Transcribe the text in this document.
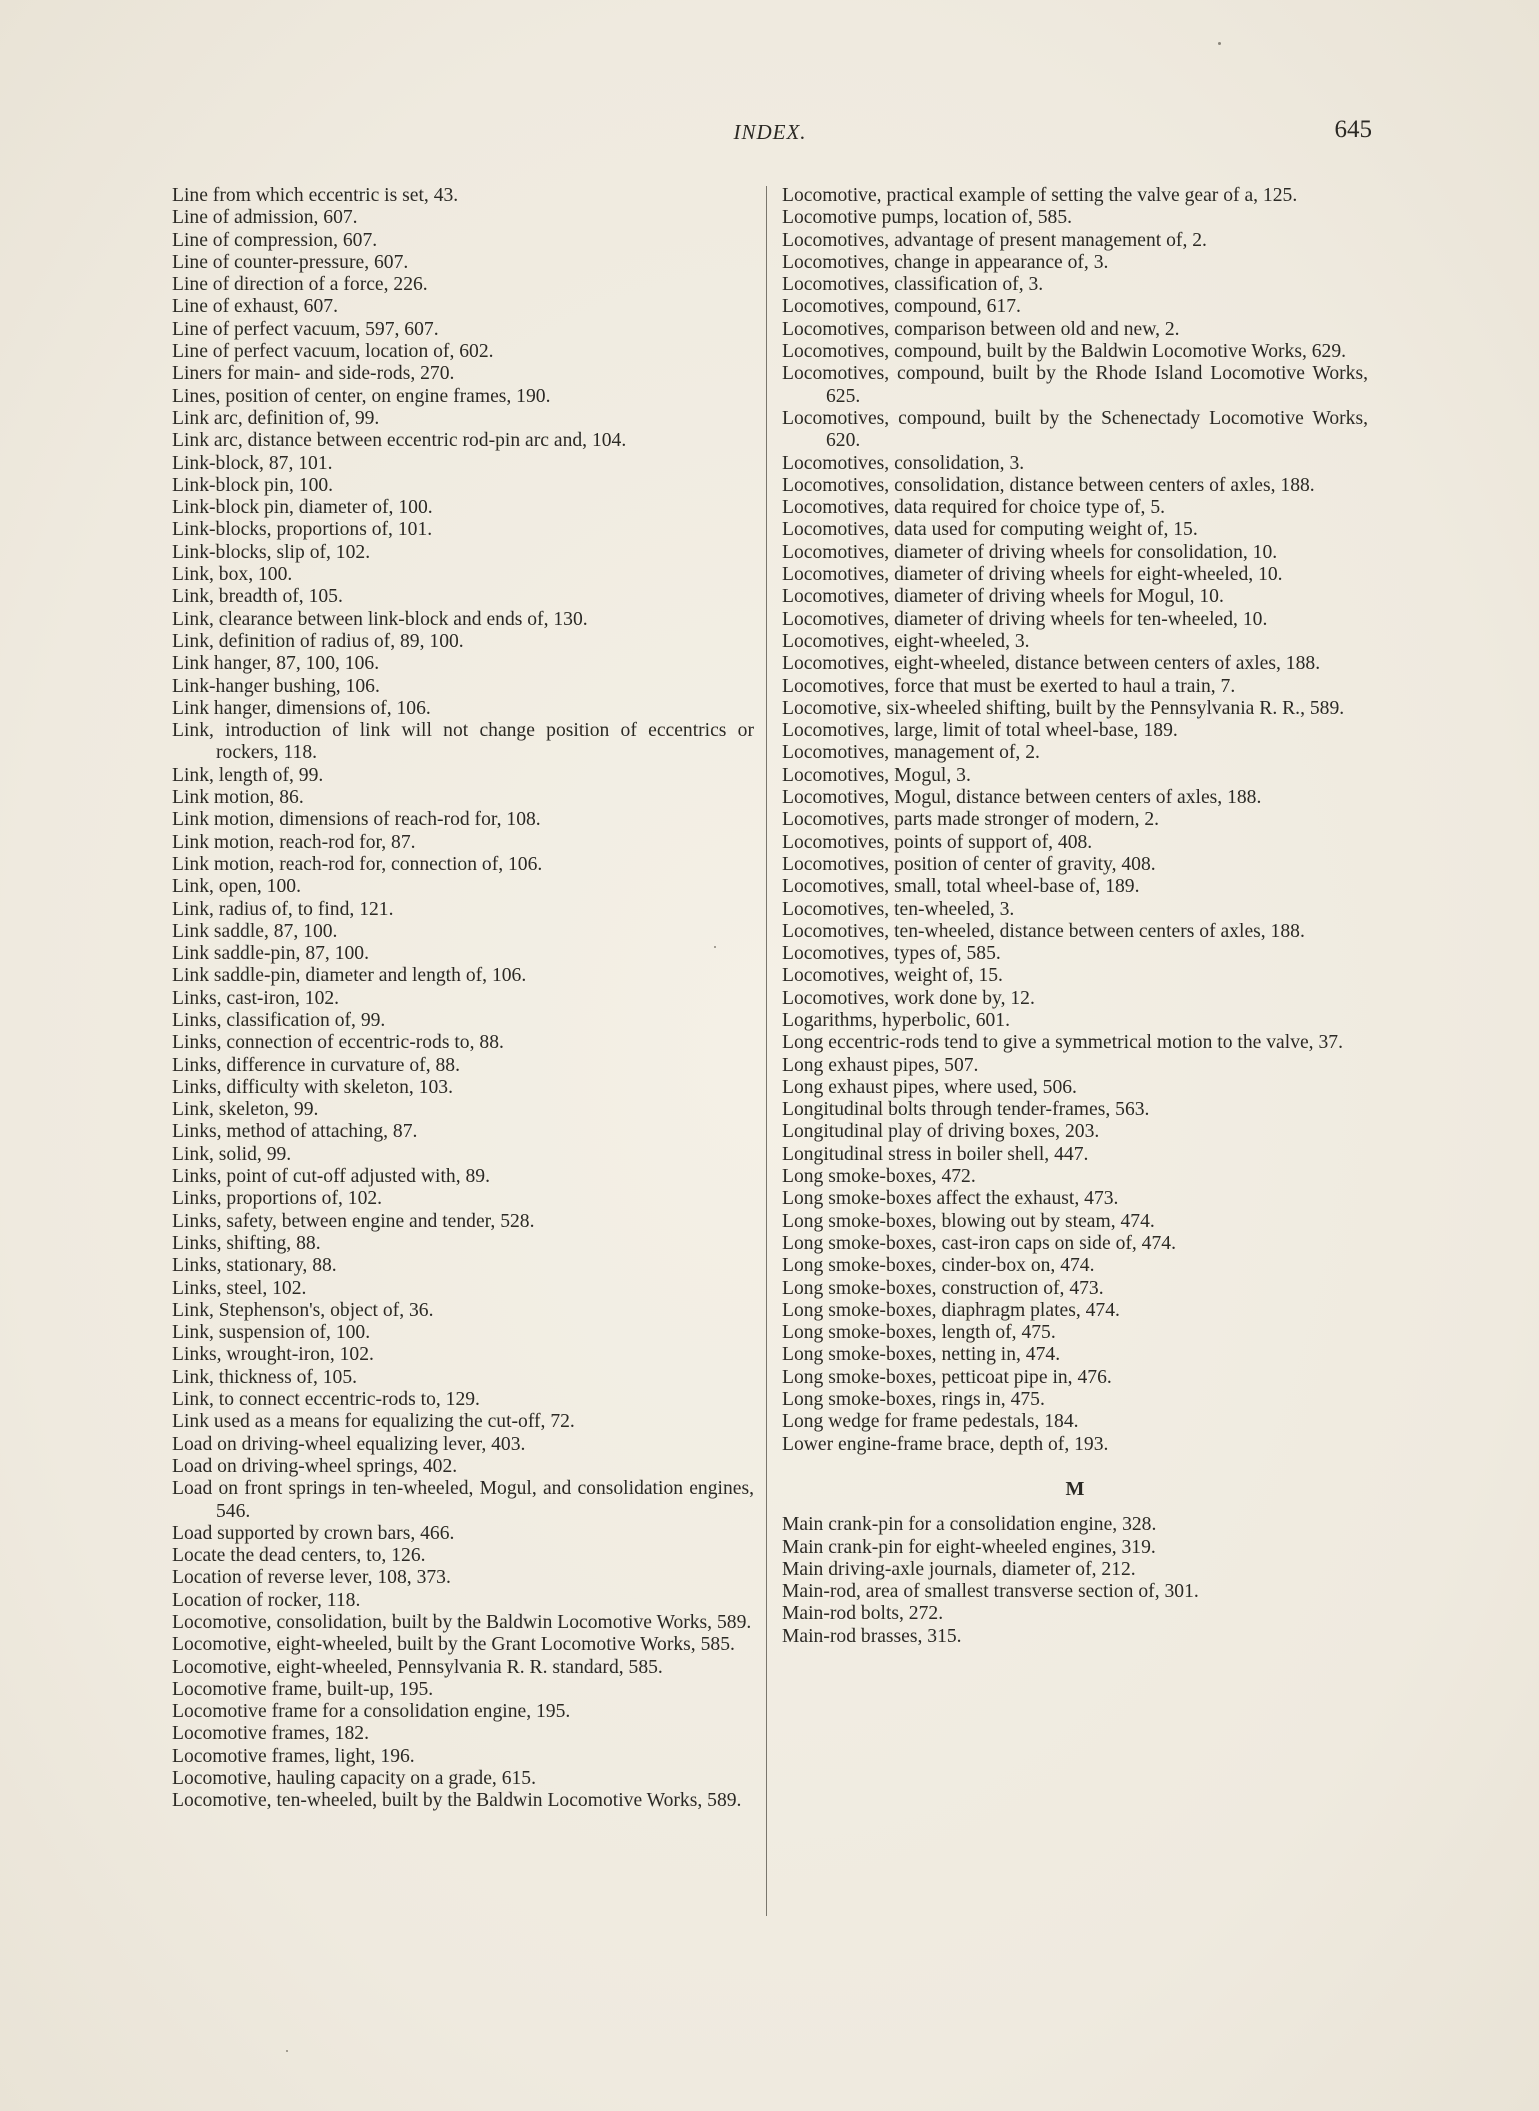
INDEX.	645
Line from which eccentric is set, 43.
Line of admission, 607.
Line of compression, 607.
Line of counter-pressure, 607.
Line of direction of a force, 226.
Line of exhaust, 607.
Line of perfect vacuum, 597, 607.
Line of perfect vacuum, location of, 602.
Liners for main- and side-rods, 270.
Lines, position of center, on engine frames, 190.
Link arc, definition of, 99.
Link arc, distance between eccentric rod-pin arc and, 104.
Link-block, 87, 101.
Link-block pin, 100.
Link-block pin, diameter of, 100.
Link-blocks, proportions of, 101.
Link-blocks, slip of, 102.
Link, box, 100.
Link, breadth of, 105.
Link, clearance between link-block and ends of, 130.
Link, definition of radius of, 89, 100.
Link hanger, 87, 100, 106.
Link-hanger bushing, 106.
Link hanger, dimensions of, 106.
Link, introduction of link will not change position of eccentrics or rockers, 118.
Link, length of, 99.
Link motion, 86.
Link motion, dimensions of reach-rod for, 108.
Link motion, reach-rod for, 87.
Link motion, reach-rod for, connection of, 106.
Link, open, 100.
Link, radius of, to find, 121.
Link saddle, 87, 100.
Link saddle-pin, 87, 100.
Link saddle-pin, diameter and length of, 106.
Links, cast-iron, 102.
Links, classification of, 99.
Links, connection of eccentric-rods to, 88.
Links, difference in curvature of, 88.
Links, difficulty with skeleton, 103.
Link, skeleton, 99.
Links, method of attaching, 87.
Link, solid, 99.
Links, point of cut-off adjusted with, 89.
Links, proportions of, 102.
Links, safety, between engine and tender, 528.
Links, shifting, 88.
Links, stationary, 88.
Links, steel, 102.
Link, Stephenson's, object of, 36.
Link, suspension of, 100.
Links, wrought-iron, 102.
Link, thickness of, 105.
Link, to connect eccentric-rods to, 129.
Link used as a means for equalizing the cut-off, 72.
Load on driving-wheel equalizing lever, 403.
Load on driving-wheel springs, 402.
Load on front springs in ten-wheeled, Mogul, and consolidation engines, 546.
Load supported by crown bars, 466.
Locate the dead centers, to, 126.
Location of reverse lever, 108, 373.
Location of rocker, 118.
Locomotive, consolidation, built by the Baldwin Locomotive Works, 589.
Locomotive, eight-wheeled, built by the Grant Locomotive Works, 585.
Locomotive, eight-wheeled, Pennsylvania R. R. standard, 585.
Locomotive frame, built-up, 195.
Locomotive frame for a consolidation engine, 195.
Locomotive frames, 182.
Locomotive frames, light, 196.
Locomotive, hauling capacity on a grade, 615.
Locomotive, ten-wheeled, built by the Baldwin Locomotive Works, 589.
Locomotive, practical example of setting the valve gear of a, 125.
Locomotive pumps, location of, 585.
Locomotives, advantage of present management of, 2.
Locomotives, change in appearance of, 3.
Locomotives, classification of, 3.
Locomotives, compound, 617.
Locomotives, comparison between old and new, 2.
Locomotives, compound, built by the Baldwin Locomotive Works, 629.
Locomotives, compound, built by the Rhode Island Locomotive Works, 625.
Locomotives, compound, built by the Schenectady Locomotive Works, 620.
Locomotives, consolidation, 3.
Locomotives, consolidation, distance between centers of axles, 188.
Locomotives, data required for choice type of, 5.
Locomotives, data used for computing weight of, 15.
Locomotives, diameter of driving wheels for consolidation, 10.
Locomotives, diameter of driving wheels for eight-wheeled, 10.
Locomotives, diameter of driving wheels for Mogul, 10.
Locomotives, diameter of driving wheels for ten-wheeled, 10.
Locomotives, eight-wheeled, 3.
Locomotives, eight-wheeled, distance between centers of axles, 188.
Locomotives, force that must be exerted to haul a train, 7.
Locomotive, six-wheeled shifting, built by the Pennsylvania R. R., 589.
Locomotives, large, limit of total wheel-base, 189.
Locomotives, management of, 2.
Locomotives, Mogul, 3.
Locomotives, Mogul, distance between centers of axles, 188.
Locomotives, parts made stronger of modern, 2.
Locomotives, points of support of, 408.
Locomotives, position of center of gravity, 408.
Locomotives, small, total wheel-base of, 189.
Locomotives, ten-wheeled, 3.
Locomotives, ten-wheeled, distance between centers of axles, 188.
Locomotives, types of, 585.
Locomotives, weight of, 15.
Locomotives, work done by, 12.
Logarithms, hyperbolic, 601.
Long eccentric-rods tend to give a symmetrical motion to the valve, 37.
Long exhaust pipes, 507.
Long exhaust pipes, where used, 506.
Longitudinal bolts through tender-frames, 563.
Longitudinal play of driving boxes, 203.
Longitudinal stress in boiler shell, 447.
Long smoke-boxes, 472.
Long smoke-boxes affect the exhaust, 473.
Long smoke-boxes, blowing out by steam, 474.
Long smoke-boxes, cast-iron caps on side of, 474.
Long smoke-boxes, cinder-box on, 474.
Long smoke-boxes, construction of, 473.
Long smoke-boxes, diaphragm plates, 474.
Long smoke-boxes, length of, 475.
Long smoke-boxes, netting in, 474.
Long smoke-boxes, petticoat pipe in, 476.
Long smoke-boxes, rings in, 475.
Long wedge for frame pedestals, 184.
Lower engine-frame brace, depth of, 193.
M
Main crank-pin for a consolidation engine, 328.
Main crank-pin for eight-wheeled engines, 319.
Main driving-axle journals, diameter of, 212.
Main-rod, area of smallest transverse section of, 301.
Main-rod bolts, 272.
Main-rod brasses, 315.
